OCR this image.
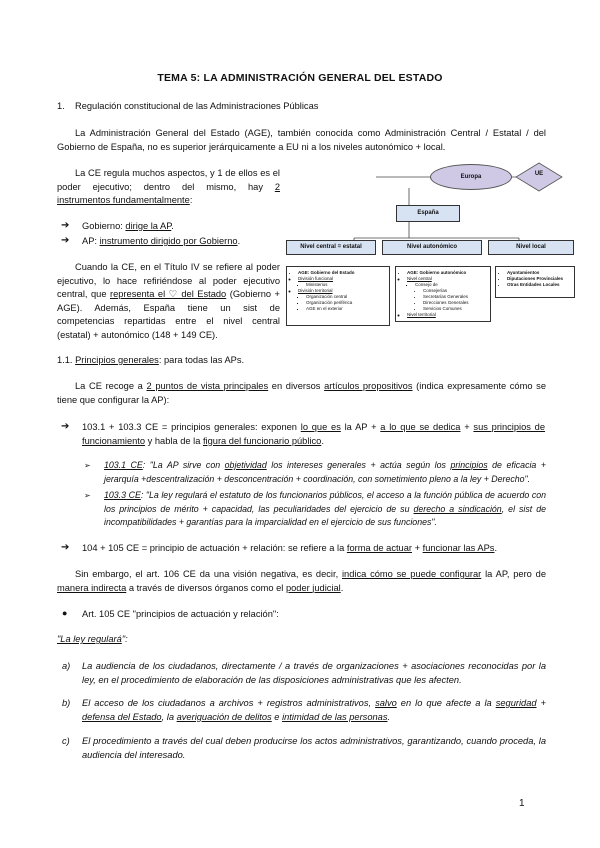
TEMA 5: LA ADMINISTRACIÓN GENERAL DEL ESTADO
1. Regulación constitucional de las Administraciones Públicas
La Administración General del Estado (AGE), también conocida como Administración Central / Estatal / del Gobierno de España, no es superior jerárquicamente a EU ni a los niveles autonómico + local.
La CE regula muchos aspectos, y 1 de ellos es el poder ejecutivo; dentro del mismo, hay 2 instrumentos fundamentalmente:
➔ Gobierno: dirige la AP.
➔ AP: instrumento dirigido por Gobierno.
Cuando la CE, en el Título IV se refiere al poder ejecutivo, lo hace refiriéndose al poder ejecutivo central, que representa el ♡ del Estado (Gobierno + AGE). Además, España tiene un sist de competencias repartidas entre el nivel central (estatal) + autonómico (148 + 149 CE).
Europa	UE
España
Nivel central = estatal	Nivel autonómico	Nivel local
• AGE: Gobierno del Estado
◦ División funcional
▪ Ministerios
◦ División territorial
▪ Organización central
▪ Organización periférica
▪ AGE en el exterior
• AGE: Gobierno autonómico
◦ Nivel central
▪ Consejo de
• Consejerías
• Secretarías Generales
• Direcciones Generales
• Servicios Comunes
◦ Nivel territorial
• Ayuntamientos
• Diputaciones Provinciales
• Otras Entidades Locales
1.1. Principios generales: para todas las APs.
La CE recoge a 2 puntos de vista principales en diversos artículos propositivos (indica expresamente cómo se tiene que configurar la AP):
➔ 103.1 + 103.3 CE = principios generales: exponen lo que es la AP + a lo que se dedica + sus principios de funcionamiento y habla de la figura del funcionario público.
➢ 103.1 CE: "La AP sirve con objetividad los intereses generales + actúa según los principios de eficacia + jerarquía +descentralización + desconcentración + coordinación, con sometimiento pleno a la ley + Derecho".
➢ 103.3 CE: "La ley regulará el estatuto de los funcionarios públicos, el acceso a la función pública de acuerdo con los principios de mérito + capacidad, las peculiaridades del ejercicio de su derecho a sindicación, el sist de incompatibilidades + garantías para la imparcialidad en el ejercicio de sus funciones".
➔ 104 + 105 CE = principio de actuación + relación: se refiere a la forma de actuar + funcionar las APs.
Sin embargo, el art. 106 CE da una visión negativa, es decir, indica cómo se puede configurar la AP, pero de manera indirecta a través de diversos órganos como el poder judicial.
● Art. 105 CE "principios de actuación y relación":
"La ley regulará":
a) La audiencia de los ciudadanos, directamente / a través de organizaciones + asociaciones reconocidas por la ley, en el procedimiento de elaboración de las disposiciones administrativas que les afecten.
b) El acceso de los ciudadanos a archivos + registros administrativos, salvo en lo que afecte a la seguridad + defensa del Estado, la averiguación de delitos e intimidad de las personas.
c) El procedimiento a través del cual deben producirse los actos administrativos, garantizando, cuando proceda, la audiencia del interesado.
1
